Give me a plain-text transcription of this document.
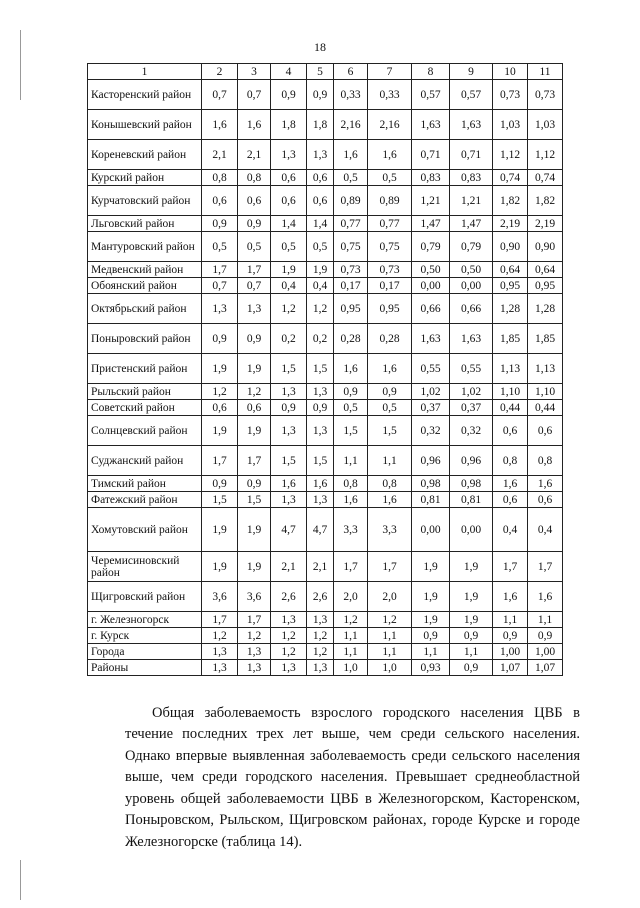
18
1	2	3	4	5	6	7	8	9	10	11
Касторенский район	0,7	0,7	0,9	0,9	0,33	0,33	0,57	0,57	0,73	0,73
Конышевский район	1,6	1,6	1,8	1,8	2,16	2,16	1,63	1,63	1,03	1,03
Кореневский район	2,1	2,1	1,3	1,3	1,6	1,6	0,71	0,71	1,12	1,12
Курский район	0,8	0,8	0,6	0,6	0,5	0,5	0,83	0,83	0,74	0,74
Курчатовский район	0,6	0,6	0,6	0,6	0,89	0,89	1,21	1,21	1,82	1,82
Льговский район	0,9	0,9	1,4	1,4	0,77	0,77	1,47	1,47	2,19	2,19
Мантуровский район	0,5	0,5	0,5	0,5	0,75	0,75	0,79	0,79	0,90	0,90
Медвенский район	1,7	1,7	1,9	1,9	0,73	0,73	0,50	0,50	0,64	0,64
Обоянский район	0,7	0,7	0,4	0,4	0,17	0,17	0,00	0,00	0,95	0,95
Октябрьский район	1,3	1,3	1,2	1,2	0,95	0,95	0,66	0,66	1,28	1,28
Поныровский район	0,9	0,9	0,2	0,2	0,28	0,28	1,63	1,63	1,85	1,85
Пристенский район	1,9	1,9	1,5	1,5	1,6	1,6	0,55	0,55	1,13	1,13
Рыльский район	1,2	1,2	1,3	1,3	0,9	0,9	1,02	1,02	1,10	1,10
Советский район	0,6	0,6	0,9	0,9	0,5	0,5	0,37	0,37	0,44	0,44
Солнцевский район	1,9	1,9	1,3	1,3	1,5	1,5	0,32	0,32	0,6	0,6
Суджанский район	1,7	1,7	1,5	1,5	1,1	1,1	0,96	0,96	0,8	0,8
Тимский район	0,9	0,9	1,6	1,6	0,8	0,8	0,98	0,98	1,6	1,6
Фатежский район	1,5	1,5	1,3	1,3	1,6	1,6	0,81	0,81	0,6	0,6
Хомутовский район	1,9	1,9	4,7	4,7	3,3	3,3	0,00	0,00	0,4	0,4
Черемисиновский район	1,9	1,9	2,1	2,1	1,7	1,7	1,9	1,9	1,7	1,7
Щигровский район	3,6	3,6	2,6	2,6	2,0	2,0	1,9	1,9	1,6	1,6
г. Железногорск	1,7	1,7	1,3	1,3	1,2	1,2	1,9	1,9	1,1	1,1
г. Курск	1,2	1,2	1,2	1,2	1,1	1,1	0,9	0,9	0,9	0,9
Города	1,3	1,3	1,2	1,2	1,1	1,1	1,1	1,1	1,00	1,00
Районы	1,3	1,3	1,3	1,3	1,0	1,0	0,93	0,9	1,07	1,07

Общая заболеваемость взрослого городского населения ЦВБ в течение последних трех лет выше, чем среди сельского населения. Однако впервые выявленная заболеваемость среди сельского населения выше, чем среди городского населения. Превышает среднеобластной уровень общей заболеваемости ЦВБ в Железногорском, Касторенском, Поныровском, Рыльском, Щигровском районах, городе Курске и городе Железногорске (таблица 14).
